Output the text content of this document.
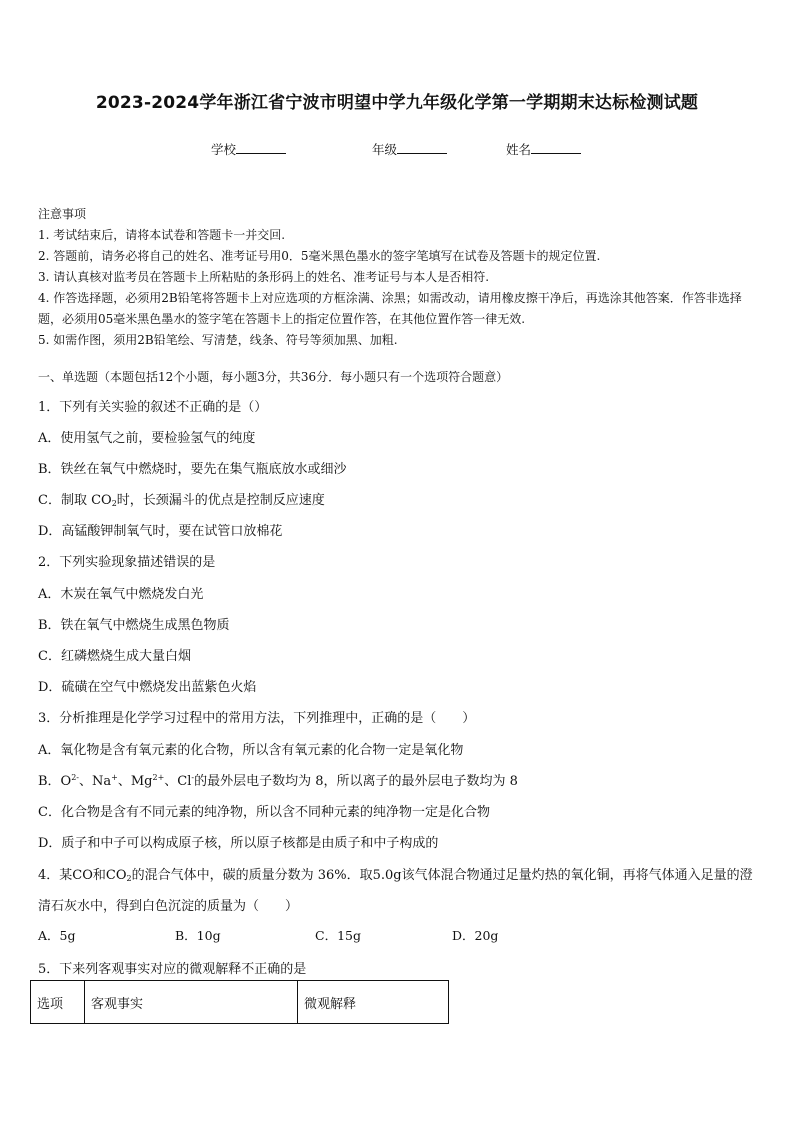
2023-2024学年浙江省宁波市明望中学九年级化学第一学期期末达标检测试题
学校	年级	姓名
注意事项
1. 考试结束后，请将本试卷和答题卡一并交回.
2. 答题前，请务必将自己的姓名、准考证号用0．5毫米黑色墨水的签字笔填写在试卷及答题卡的规定位置.
3. 请认真核对监考员在答题卡上所粘贴的条形码上的姓名、准考证号与本人是否相符.
4. 作答选择题，必须用2B铅笔将答题卡上对应选项的方框涂满、涂黑；如需改动，请用橡皮擦干净后，再选涂其他答案．作答非选择题，必须用05毫米黑色墨水的签字笔在答题卡上的指定位置作答，在其他位置作答一律无效.
5. 如需作图，须用2B铅笔绘、写清楚，线条、符号等须加黑、加粗.
一、单选题（本题包括12个小题，每小题3分，共36分．每小题只有一个选项符合题意）
1．下列有关实验的叙述不正确的是（）
A．使用氢气之前，要检验氢气的纯度
B．铁丝在氧气中燃烧时，要先在集气瓶底放水或细沙
C．制取 $CO_2$时，长颈漏斗的优点是控制反应速度
D．高锰酸钾制氧气时，要在试管口放棉花
2．下列实验现象描述错误的是
A．木炭在氧气中燃烧发白光
B．铁在氧气中燃烧生成黑色物质
C．红磷燃烧生成大量白烟
D．硫磺在空气中燃烧发出蓝紫色火焰
3．分析推理是化学学习过程中的常用方法，下列推理中，正确的是（　　）
A．氧化物是含有氧元素的化合物，所以含有氧元素的化合物一定是氧化物
B．$O^{2-}$、Na+、$Mg^{2+}$、Cl-的最外层电子数均为 8，所以离子的最外层电子数均为 8
C．化合物是含有不同元素的纯净物，所以含不同种元素的纯净物一定是化合物
D．质子和中子可以构成原子核，所以原子核都是由质子和中子构成的
4．某CO和$CO_2$的混合气体中，碳的质量分数为 36%．取5.0g该气体混合物通过足量灼热的氧化铜，再将气体通入足量的澄清石灰水中，得到白色沉淀的质量为（　　）
A．5g	B．10g	C．15g	D．20g
5．下来列客观事实对应的微观解释不正确的是
选项	客观事实	微观解释
